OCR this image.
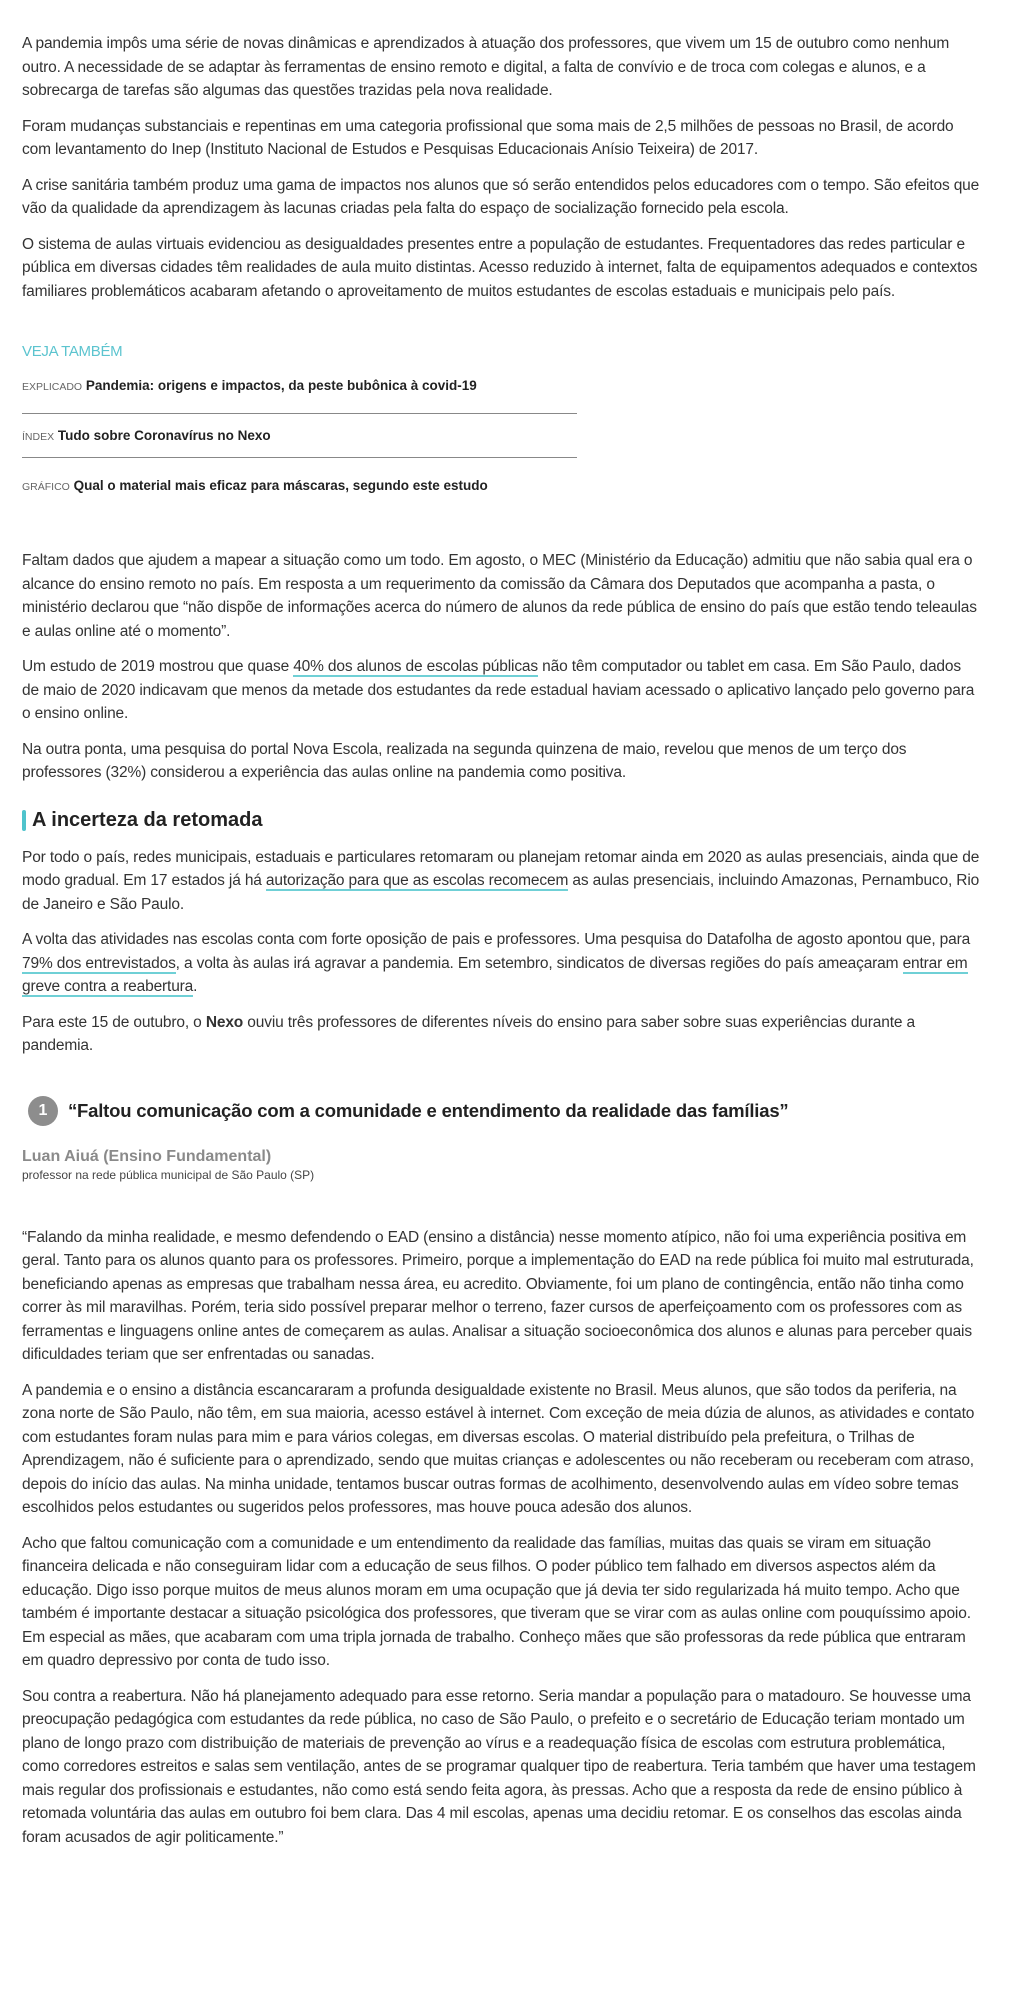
A pandemia impôs uma série de novas dinâmicas e aprendizados à atuação dos professores, que vivem um 15 de outubro como nenhum outro. A necessidade de se adaptar às ferramentas de ensino remoto e digital, a falta de convívio e de troca com colegas e alunos, e a sobrecarga de tarefas são algumas das questões trazidas pela nova realidade.

Foram mudanças substanciais e repentinas em uma categoria profissional que soma mais de 2,5 milhões de pessoas no Brasil, de acordo com levantamento do Inep (Instituto Nacional de Estudos e Pesquisas Educacionais Anísio Teixeira) de 2017.

A crise sanitária também produz uma gama de impactos nos alunos que só serão entendidos pelos educadores com o tempo. São efeitos que vão da qualidade da aprendizagem às lacunas criadas pela falta do espaço de socialização fornecido pela escola.

O sistema de aulas virtuais evidenciou as desigualdades presentes entre a população de estudantes. Frequentadores das redes particular e pública em diversas cidades têm realidades de aula muito distintas. Acesso reduzido à internet, falta de equipamentos adequados e contextos familiares problemáticos acabaram afetando o aproveitamento de muitos estudantes de escolas estaduais e municipais pelo país.

VEJA TAMBÉM
EXPLICADO Pandemia: origens e impactos, da peste bubônica à covid-19
ÍNDEX Tudo sobre Coronavírus no Nexo
GRÁFICO Qual o material mais eficaz para máscaras, segundo este estudo

Faltam dados que ajudem a mapear a situação como um todo. Em agosto, o MEC (Ministério da Educação) admitiu que não sabia qual era o alcance do ensino remoto no país. Em resposta a um requerimento da comissão da Câmara dos Deputados que acompanha a pasta, o ministério declarou que “não dispõe de informações acerca do número de alunos da rede pública de ensino do país que estão tendo teleaulas e aulas online até o momento”.

Um estudo de 2019 mostrou que quase 40% dos alunos de escolas públicas não têm computador ou tablet em casa. Em São Paulo, dados de maio de 2020 indicavam que menos da metade dos estudantes da rede estadual haviam acessado o aplicativo lançado pelo governo para o ensino online.

Na outra ponta, uma pesquisa do portal Nova Escola, realizada na segunda quinzena de maio, revelou que menos de um terço dos professores (32%) considerou a experiência das aulas online na pandemia como positiva.

A incerteza da retomada

Por todo o país, redes municipais, estaduais e particulares retomaram ou planejam retomar ainda em 2020 as aulas presenciais, ainda que de modo gradual. Em 17 estados já há autorização para que as escolas recomecem as aulas presenciais, incluindo Amazonas, Pernambuco, Rio de Janeiro e São Paulo.

A volta das atividades nas escolas conta com forte oposição de pais e professores. Uma pesquisa do Datafolha de agosto apontou que, para 79% dos entrevistados, a volta às aulas irá agravar a pandemia. Em setembro, sindicatos de diversas regiões do país ameaçaram entrar em greve contra a reabertura.

Para este 15 de outubro, o Nexo ouviu três professores de diferentes níveis do ensino para saber sobre suas experiências durante a pandemia.

1	“Faltou comunicação com a comunidade e entendimento da realidade das famílias”
Luan Aiuá (Ensino Fundamental)
professor na rede pública municipal de São Paulo (SP)

“Falando da minha realidade, e mesmo defendendo o EAD (ensino a distância) nesse momento atípico, não foi uma experiência positiva em geral. Tanto para os alunos quanto para os professores. Primeiro, porque a implementação do EAD na rede pública foi muito mal estruturada, beneficiando apenas as empresas que trabalham nessa área, eu acredito. Obviamente, foi um plano de contingência, então não tinha como correr às mil maravilhas. Porém, teria sido possível preparar melhor o terreno, fazer cursos de aperfeiçoamento com os professores com as ferramentas e linguagens online antes de começarem as aulas. Analisar a situação socioeconômica dos alunos e alunas para perceber quais dificuldades teriam que ser enfrentadas ou sanadas.

A pandemia e o ensino a distância escancararam a profunda desigualdade existente no Brasil. Meus alunos, que são todos da periferia, na zona norte de São Paulo, não têm, em sua maioria, acesso estável à internet. Com exceção de meia dúzia de alunos, as atividades e contato com estudantes foram nulas para mim e para vários colegas, em diversas escolas. O material distribuído pela prefeitura, o Trilhas de Aprendizagem, não é suficiente para o aprendizado, sendo que muitas crianças e adolescentes ou não receberam ou receberam com atraso, depois do início das aulas. Na minha unidade, tentamos buscar outras formas de acolhimento, desenvolvendo aulas em vídeo sobre temas escolhidos pelos estudantes ou sugeridos pelos professores, mas houve pouca adesão dos alunos.

Acho que faltou comunicação com a comunidade e um entendimento da realidade das famílias, muitas das quais se viram em situação financeira delicada e não conseguiram lidar com a educação de seus filhos. O poder público tem falhado em diversos aspectos além da educação. Digo isso porque muitos de meus alunos moram em uma ocupação que já devia ter sido regularizada há muito tempo. Acho que também é importante destacar a situação psicológica dos professores, que tiveram que se virar com as aulas online com pouquíssimo apoio. Em especial as mães, que acabaram com uma tripla jornada de trabalho. Conheço mães que são professoras da rede pública que entraram em quadro depressivo por conta de tudo isso.

Sou contra a reabertura. Não há planejamento adequado para esse retorno. Seria mandar a população para o matadouro. Se houvesse uma preocupação pedagógica com estudantes da rede pública, no caso de São Paulo, o prefeito e o secretário de Educação teriam montado um plano de longo prazo com distribuição de materiais de prevenção ao vírus e a readequação física de escolas com estrutura problemática, como corredores estreitos e salas sem ventilação, antes de se programar qualquer tipo de reabertura. Teria também que haver uma testagem mais regular dos profissionais e estudantes, não como está sendo feita agora, às pressas. Acho que a resposta da rede de ensino público à retomada voluntária das aulas em outubro foi bem clara. Das 4 mil escolas, apenas uma decidiu retomar. E os conselhos das escolas ainda foram acusados de agir politicamente.”
